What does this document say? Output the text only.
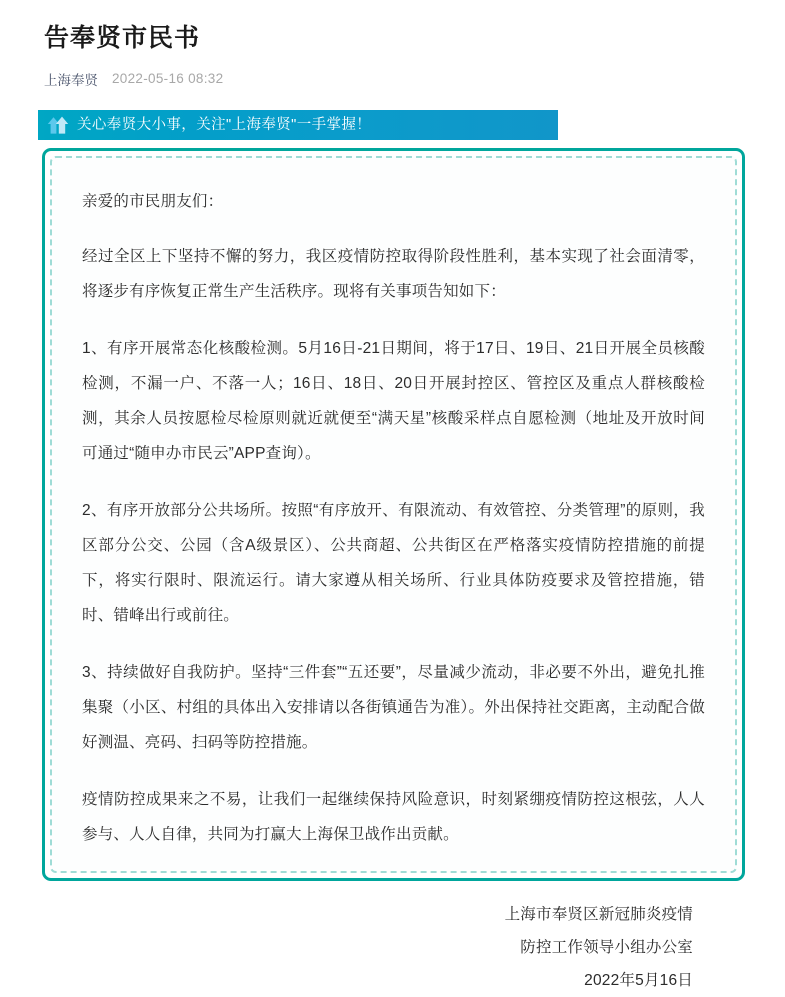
告奉贤市民书
上海奉贤 2022-05-16 08:32
关心奉贤大小事，关注"上海奉贤"一手掌握！

亲爱的市民朋友们：

经过全区上下坚持不懈的努力，我区疫情防控取得阶段性胜利，基本实现了社会面清零，将逐步有序恢复正常生产生活秩序。现将有关事项告知如下：

1、有序开展常态化核酸检测。5月16日-21日期间，将于17日、19日、21日开展全员核酸检测，不漏一户、不落一人；16日、18日、20日开展封控区、管控区及重点人群核酸检测，其余人员按愿检尽检原则就近就便至“满天星”核酸采样点自愿检测（地址及开放时间可通过“随申办市民云”APP查询）。

2、有序开放部分公共场所。按照“有序放开、有限流动、有效管控、分类管理”的原则，我区部分公交、公园（含A级景区）、公共商超、公共街区在严格落实疫情防控措施的前提下，将实行限时、限流运行。请大家遵从相关场所、行业具体防疫要求及管控措施，错时、错峰出行或前往。

3、持续做好自我防护。坚持“三件套”“五还要”，尽量减少流动，非必要不外出，避免扎推集聚（小区、村组的具体出入安排请以各街镇通告为准）。外出保持社交距离，主动配合做好测温、亮码、扫码等防控措施。

疫情防控成果来之不易，让我们一起继续保持风险意识，时刻紧绷疫情防控这根弦，人人参与、人人自律，共同为打赢大上海保卫战作出贡献。

上海市奉贤区新冠肺炎疫情
防控工作领导小组办公室
2022年5月16日
